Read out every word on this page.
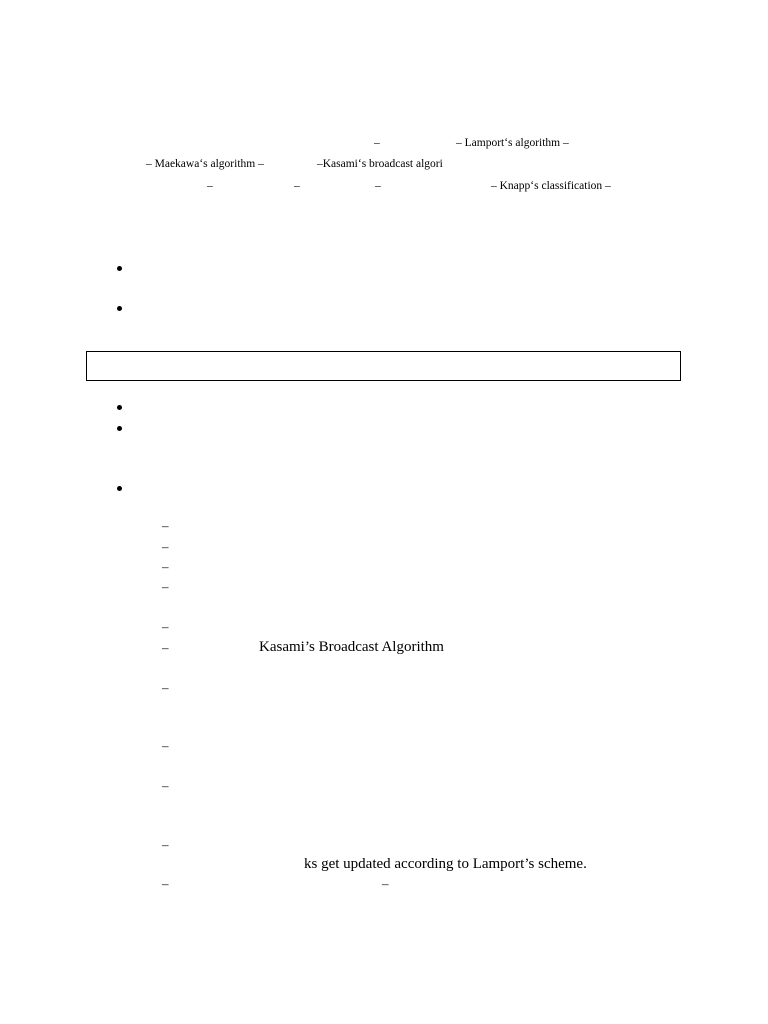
–	– Lamport‘s algorithm –
– Maekawa‘s algorithm –	–Kasami‘s broadcast algori
–	–	–	– Knapp‘s classification –
–
–
–
–
–
–	Kasami’s Broadcast Algorithm
–
–
–
–
ks get updated according to Lamport’s scheme.
–	–
